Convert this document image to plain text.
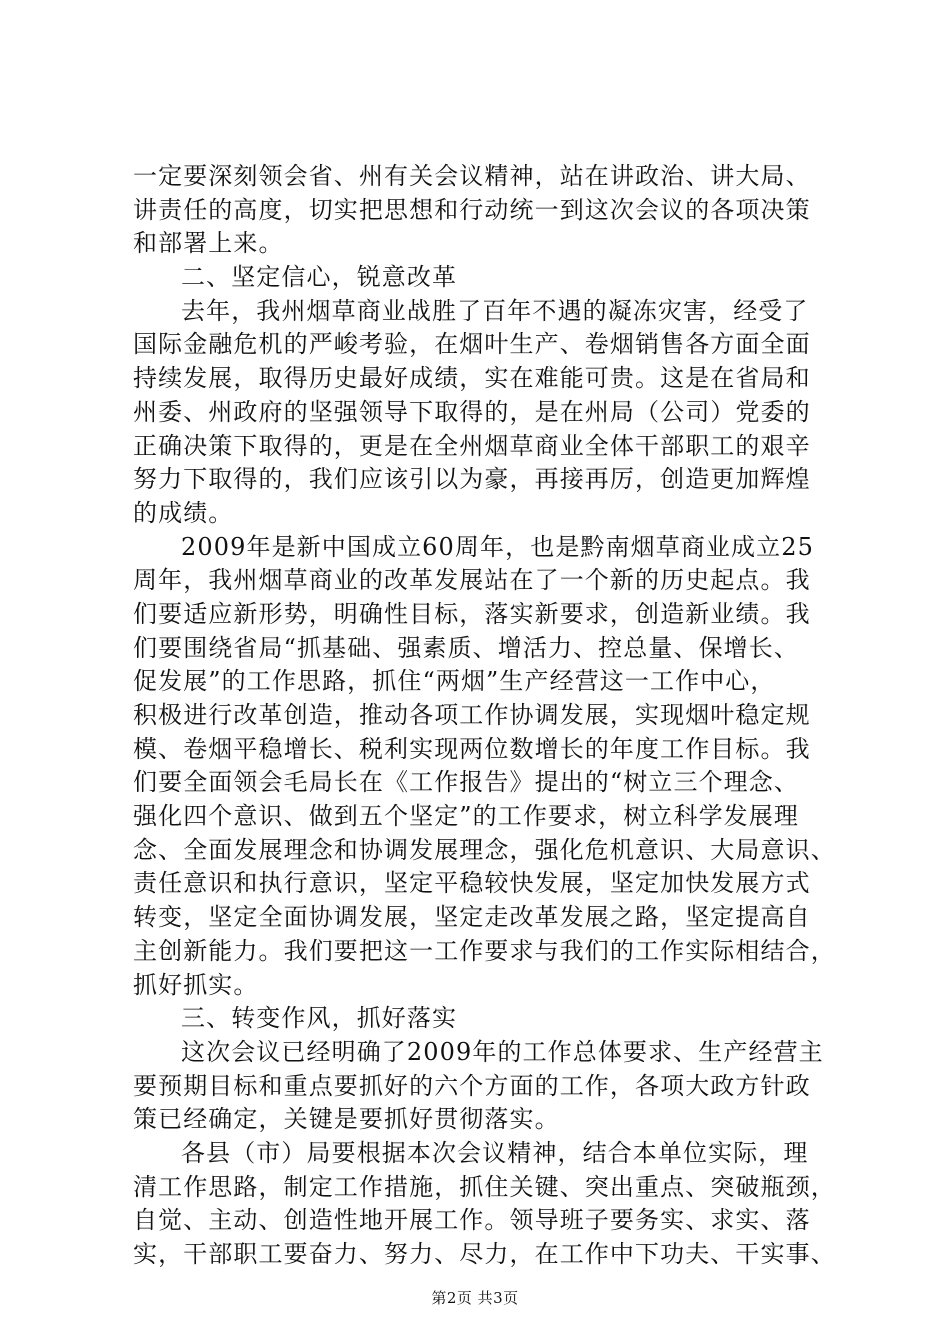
一定要深刻领会省、州有关会议精神，站在讲政治、讲大局、
讲责任的高度，切实把思想和行动统一到这次会议的各项决策
和部署上来。
二、坚定信心，锐意改革
去年，我州烟草商业战胜了百年不遇的凝冻灾害，经受了
国际金融危机的严峻考验，在烟叶生产、卷烟销售各方面全面
持续发展，取得历史最好成绩，实在难能可贵。这是在省局和
州委、州政府的坚强领导下取得的，是在州局（公司）党委的
正确决策下取得的，更是在全州烟草商业全体干部职工的艰辛
努力下取得的，我们应该引以为豪，再接再厉，创造更加辉煌
的成绩。
2009年是新中国成立60周年，也是黔南烟草商业成立25
周年，我州烟草商业的改革发展站在了一个新的历史起点。我
们要适应新形势，明确性目标，落实新要求，创造新业绩。我
们要围绕省局“抓基础、强素质、增活力、控总量、保增长、
促发展”的工作思路，抓住“两烟”生产经营这一工作中心，
积极进行改革创造，推动各项工作协调发展，实现烟叶稳定规
模、卷烟平稳增长、税利实现两位数增长的年度工作目标。我
们要全面领会毛局长在《工作报告》提出的“树立三个理念、
强化四个意识、做到五个坚定”的工作要求，树立科学发展理
念、全面发展理念和协调发展理念，强化危机意识、大局意识、
责任意识和执行意识，坚定平稳较快发展，坚定加快发展方式
转变，坚定全面协调发展，坚定走改革发展之路，坚定提高自
主创新能力。我们要把这一工作要求与我们的工作实际相结合，
抓好抓实。
三、转变作风，抓好落实
这次会议已经明确了2009年的工作总体要求、生产经营主
要预期目标和重点要抓好的六个方面的工作，各项大政方针政
策已经确定，关键是要抓好贯彻落实。
各县（市）局要根据本次会议精神，结合本单位实际，理
清工作思路，制定工作措施，抓住关键、突出重点、突破瓶颈，
自觉、主动、创造性地开展工作。领导班子要务实、求实、落
实，干部职工要奋力、努力、尽力，在工作中下功夫、干实事、
第2页 共3页
